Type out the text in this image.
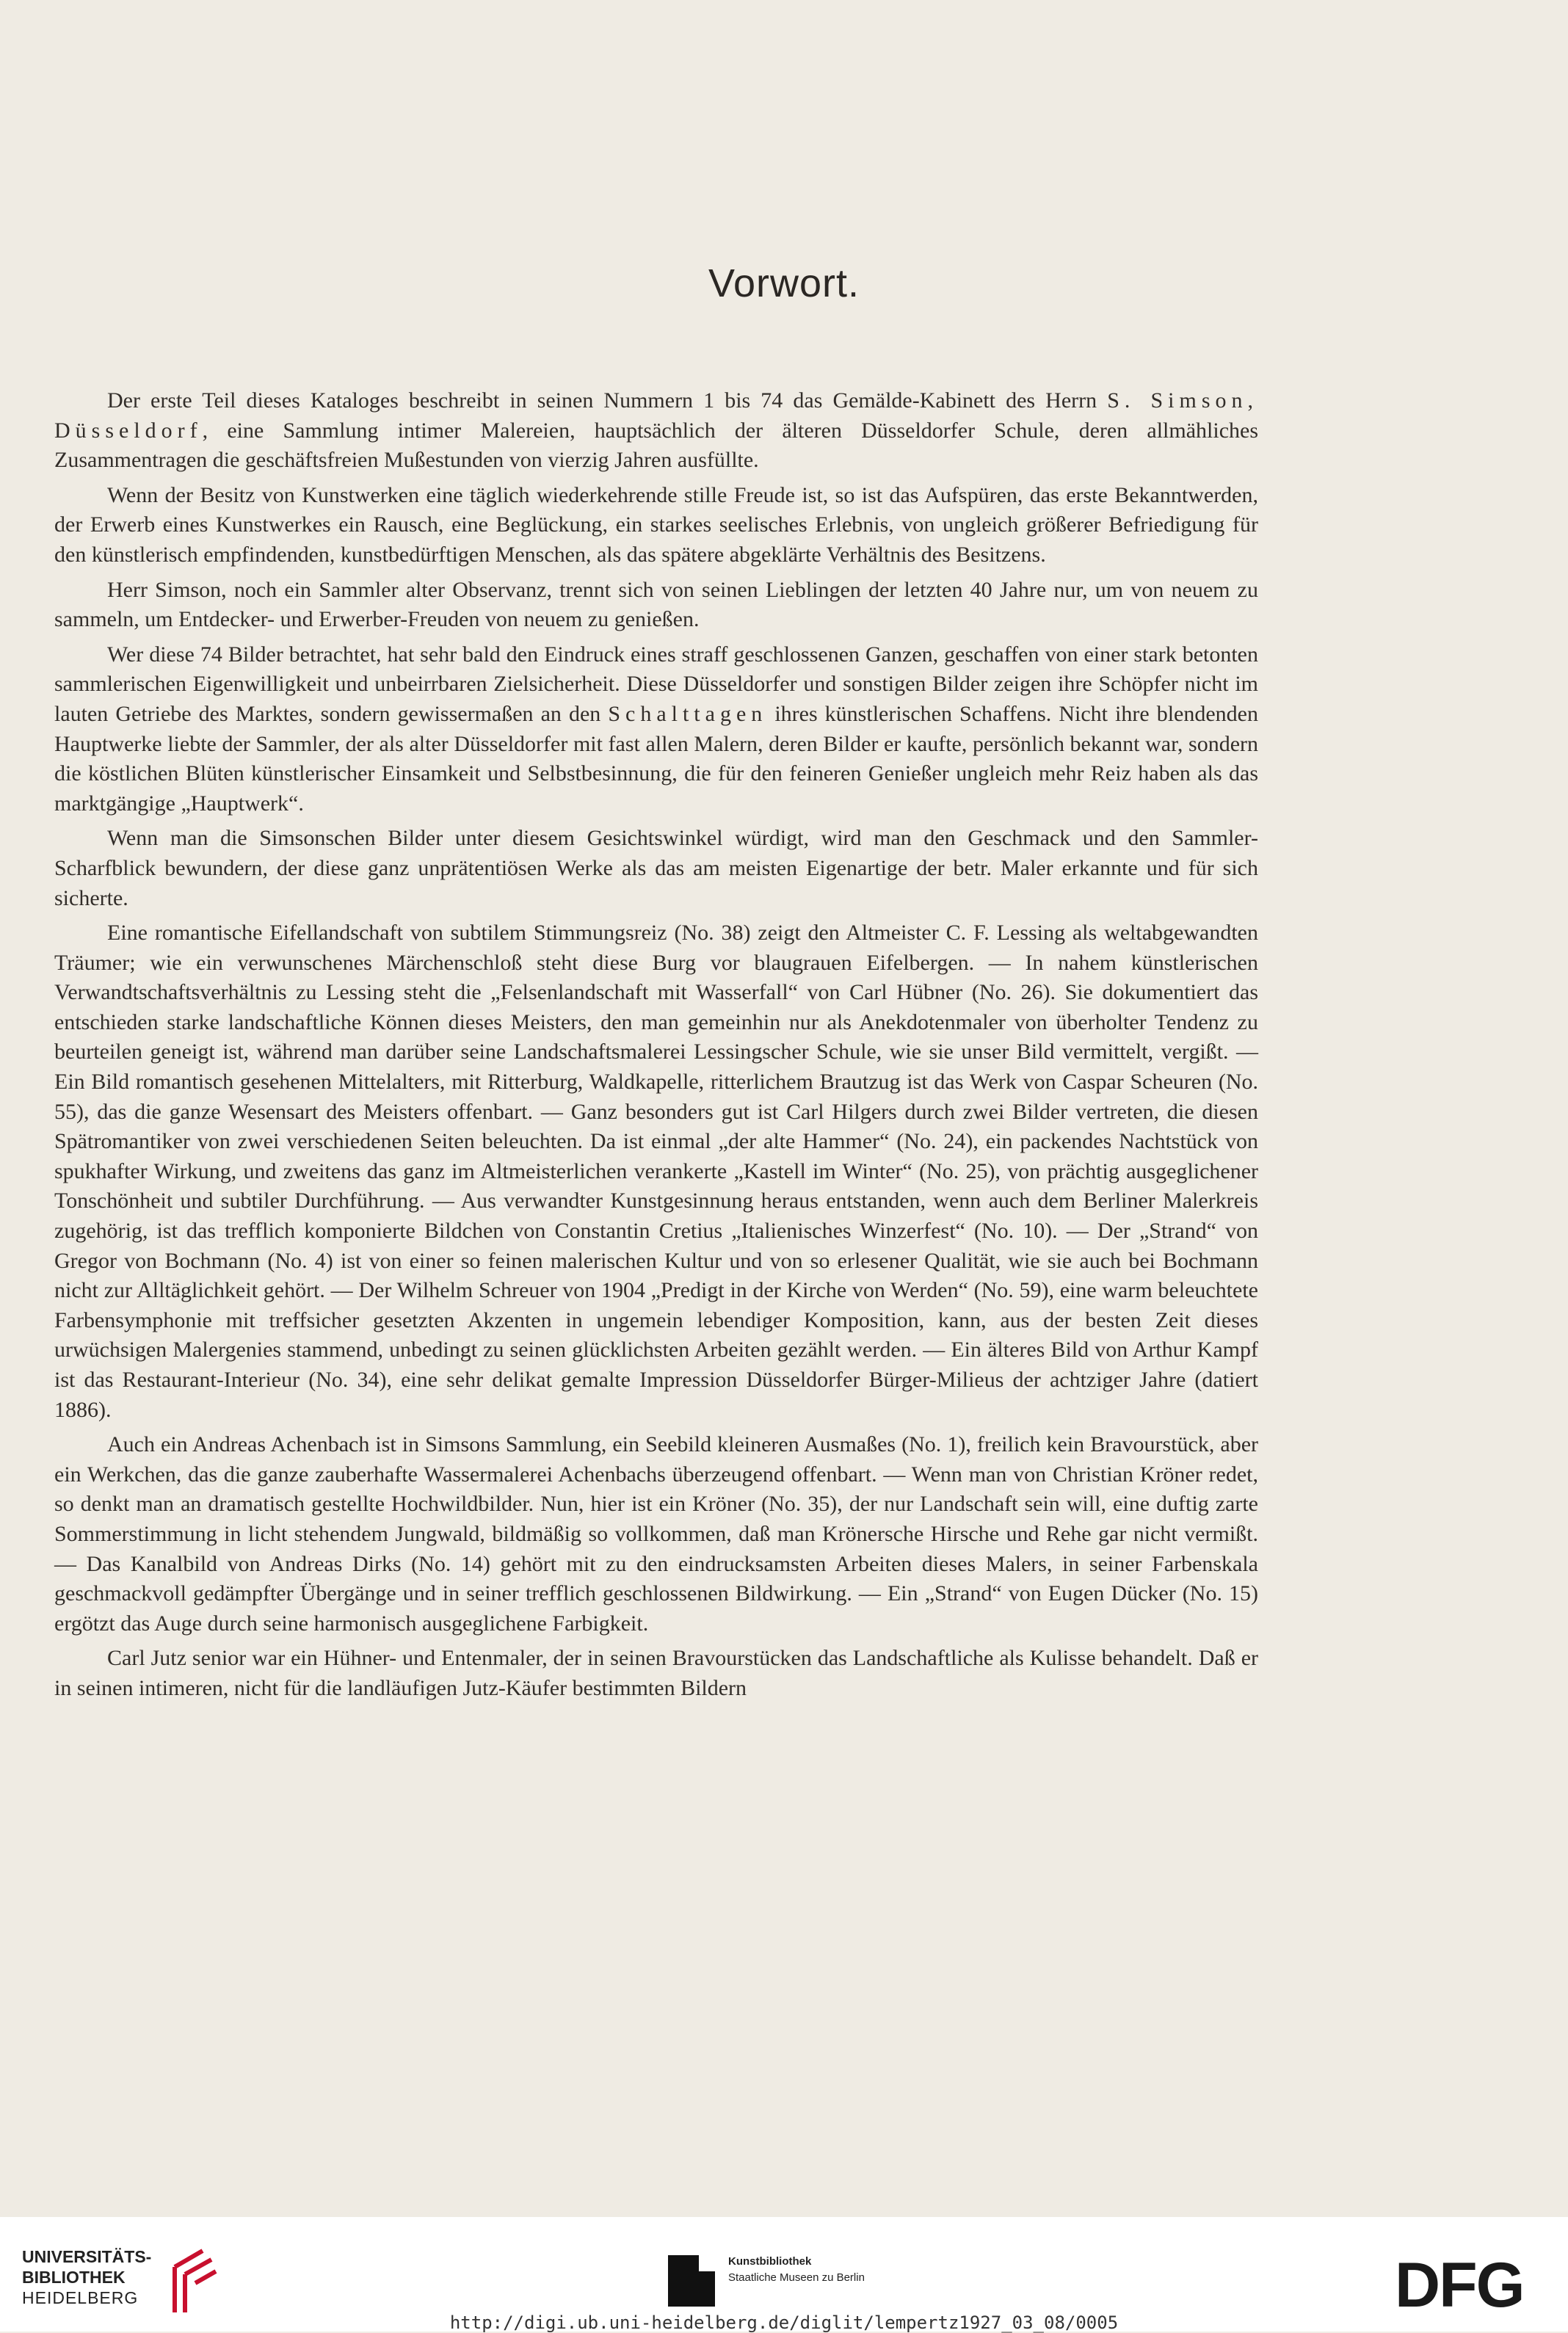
Vorwort.

Der erste Teil dieses Kataloges beschreibt in seinen Nummern 1 bis 74 das Gemälde-Kabinett des Herrn S. Simson, Düsseldorf, eine Sammlung intimer Malereien, hauptsächlich der älteren Düsseldorfer Schule, deren allmähliches Zusammentragen die geschäftsfreien Mußestunden von vierzig Jahren ausfüllte.

Wenn der Besitz von Kunstwerken eine täglich wiederkehrende stille Freude ist, so ist das Aufspüren, das erste Bekanntwerden, der Erwerb eines Kunstwerkes ein Rausch, eine Beglückung, ein starkes seelisches Erlebnis, von ungleich größerer Befriedigung für den künstlerisch empfindenden, kunstbedürftigen Menschen, als das spätere abgeklärte Verhältnis des Besitzens.

Herr Simson, noch ein Sammler alter Observanz, trennt sich von seinen Lieblingen der letzten 40 Jahre nur, um von neuem zu sammeln, um Entdecker- und Erwerber-Freuden von neuem zu genießen.

Wer diese 74 Bilder betrachtet, hat sehr bald den Eindruck eines straff geschlossenen Ganzen, geschaffen von einer stark betonten sammlerischen Eigenwilligkeit und unbeirrbaren Zielsicherheit. Diese Düsseldorfer und sonstigen Bilder zeigen ihre Schöpfer nicht im lauten Getriebe des Marktes, sondern gewissermaßen an den Schalttagen ihres künstlerischen Schaffens. Nicht ihre blendenden Hauptwerke liebte der Sammler, der als alter Düsseldorfer mit fast allen Malern, deren Bilder er kaufte, persönlich bekannt war, sondern die köstlichen Blüten künstlerischer Einsamkeit und Selbstbesinnung, die für den feineren Genießer ungleich mehr Reiz haben als das marktgängige „Hauptwerk“.

Wenn man die Simsonschen Bilder unter diesem Gesichtswinkel würdigt, wird man den Geschmack und den Sammler-Scharfblick bewundern, der diese ganz unprätentiösen Werke als das am meisten Eigenartige der betr. Maler erkannte und für sich sicherte.

Eine romantische Eifellandschaft von subtilem Stimmungsreiz (No. 38) zeigt den Altmeister C. F. Lessing als weltabgewandten Träumer; wie ein verwunschenes Märchenschloß steht diese Burg vor blaugrauen Eifelbergen. — In nahem künstlerischen Verwandtschaftsverhältnis zu Lessing steht die „Felsenlandschaft mit Wasserfall“ von Carl Hübner (No. 26). Sie dokumentiert das entschieden starke landschaftliche Können dieses Meisters, den man gemeinhin nur als Anekdotenmaler von überholter Tendenz zu beurteilen geneigt ist, während man darüber seine Landschaftsmalerei Lessingscher Schule, wie sie unser Bild vermittelt, vergißt. — Ein Bild romantisch gesehenen Mittelalters, mit Ritterburg, Waldkapelle, ritterlichem Brautzug ist das Werk von Caspar Scheuren (No. 55), das die ganze Wesensart des Meisters offenbart. — Ganz besonders gut ist Carl Hilgers durch zwei Bilder vertreten, die diesen Spätromantiker von zwei verschiedenen Seiten beleuchten. Da ist einmal „der alte Hammer“ (No. 24), ein packendes Nachtstück von spukhafter Wirkung, und zweitens das ganz im Altmeisterlichen verankerte „Kastell im Winter“ (No. 25), von prächtig ausgeglichener Tonschönheit und subtiler Durchführung. — Aus verwandter Kunstgesinnung heraus entstanden, wenn auch dem Berliner Malerkreis zugehörig, ist das trefflich komponierte Bildchen von Constantin Cretius „Italienisches Winzerfest“ (No. 10). — Der „Strand“ von Gregor von Bochmann (No. 4) ist von einer so feinen malerischen Kultur und von so erlesener Qualität, wie sie auch bei Bochmann nicht zur Alltäglichkeit gehört. — Der Wilhelm Schreuer von 1904 „Predigt in der Kirche von Werden“ (No. 59), eine warm beleuchtete Farbensymphonie mit treffsicher gesetzten Akzenten in ungemein lebendiger Komposition, kann, aus der besten Zeit dieses urwüchsigen Malergenies stammend, unbedingt zu seinen glücklichsten Arbeiten gezählt werden. — Ein älteres Bild von Arthur Kampf ist das Restaurant-Interieur (No. 34), eine sehr delikat gemalte Impression Düsseldorfer Bürger-Milieus der achtziger Jahre (datiert 1886).

Auch ein Andreas Achenbach ist in Simsons Sammlung, ein Seebild kleineren Ausmaßes (No. 1), freilich kein Bravourstück, aber ein Werkchen, das die ganze zauberhafte Wassermalerei Achenbachs überzeugend offenbart. — Wenn man von Christian Kröner redet, so denkt man an dramatisch gestellte Hochwildbilder. Nun, hier ist ein Kröner (No. 35), der nur Landschaft sein will, eine duftig zarte Sommerstimmung in licht stehendem Jungwald, bildmäßig so vollkommen, daß man Krönersche Hirsche und Rehe gar nicht vermißt. — Das Kanalbild von Andreas Dirks (No. 14) gehört mit zu den eindrucksamsten Arbeiten dieses Malers, in seiner Farbenskala geschmackvoll gedämpfter Übergänge und in seiner trefflich geschlossenen Bildwirkung. — Ein „Strand“ von Eugen Dücker (No. 15) ergötzt das Auge durch seine harmonisch ausgeglichene Farbigkeit.

Carl Jutz senior war ein Hühner- und Entenmaler, der in seinen Bravourstücken das Landschaftliche als Kulisse behandelt. Daß er in seinen intimeren, nicht für die landläufigen Jutz-Käufer bestimmten Bildern

UNIVERSITÄTS-
BIBLIOTHEK
HEIDELBERG
Kunstbibliothek
Staatliche Museen zu Berlin	DFG
http://digi.ub.uni-heidelberg.de/diglit/lempertz1927_03_08/0005
